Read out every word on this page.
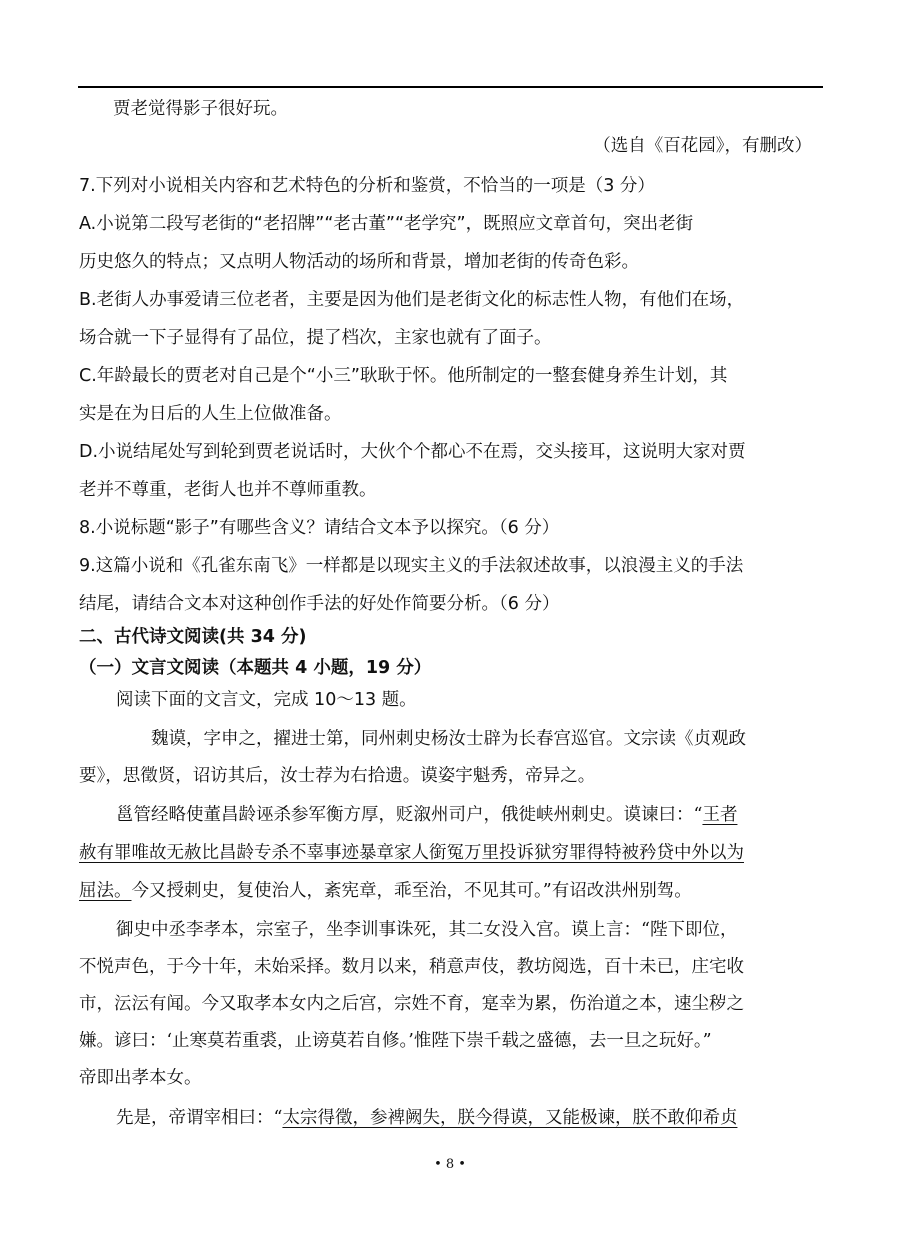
贾老觉得影子很好玩。
（选自《百花园》，有删改）
7.下列对小说相关内容和艺术特色的分析和鉴赏，不恰当的一项是（3 分）
A.小说第二段写老街的“老招牌”“老古董”“老学究”，既照应文章首句，突出老街
历史悠久的特点；又点明人物活动的场所和背景，增加老街的传奇色彩。
B.老街人办事爱请三位老者，主要是因为他们是老街文化的标志性人物，有他们在场，
场合就一下子显得有了品位，提了档次，主家也就有了面子。
C.年龄最长的贾老对自己是个“小三”耿耿于怀。他所制定的一整套健身养生计划，其
实是在为日后的人生上位做准备。
D.小说结尾处写到轮到贾老说话时，大伙个个都心不在焉，交头接耳，这说明大家对贾
老并不尊重，老街人也并不尊师重教。
8.小说标题“影子”有哪些含义？请结合文本予以探究。（6 分）
9.这篇小说和《孔雀东南飞》一样都是以现实主义的手法叙述故事，以浪漫主义的手法
结尾，请结合文本对这种创作手法的好处作简要分析。（6 分）
二、古代诗文阅读(共 34 分)
（一）文言文阅读（本题共 4 小题，19 分）
阅读下面的文言文，完成 10～13 题。
魏谟，字申之，擢进士第，同州刺史杨汝士辟为长春宫巡官。文宗读《贞观政
要》，思徵贤，诏访其后，汝士荐为右拾遗。谟姿宇魁秀，帝异之。
邕管经略使董昌龄诬杀参军衡方厚，贬溆州司户，俄徙峡州刺史。谟谏曰：“王者
赦有罪唯故无赦比昌龄专杀不辜事迹暴章家人銜冤万里投诉狱穷罪得特被矜贷中外以为
屈法。今又授刺史，复使治人，紊宪章，乖至治，不见其可。”有诏改洪州别驾。
御史中丞李孝本，宗室子，坐李训事诛死，其二女没入宫。谟上言：“陛下即位，
不悦声色，于今十年，未始采择。数月以来，稍意声伎，教坊阅选，百十未已，庄宅收
市，沄沄有闻。今又取孝本女内之后宫，宗姓不育，寔幸为累，伤治道之本，速尘秽之
嫌。谚曰：‘止寒莫若重裘，止谤莫若自修。’惟陛下崇千载之盛德，去一旦之玩好。”
帝即出孝本女。
先是，帝谓宰相曰：“太宗得徵，参裨阙失，朕今得谟，又能极谏，朕不敢仰希贞
• 8 •
